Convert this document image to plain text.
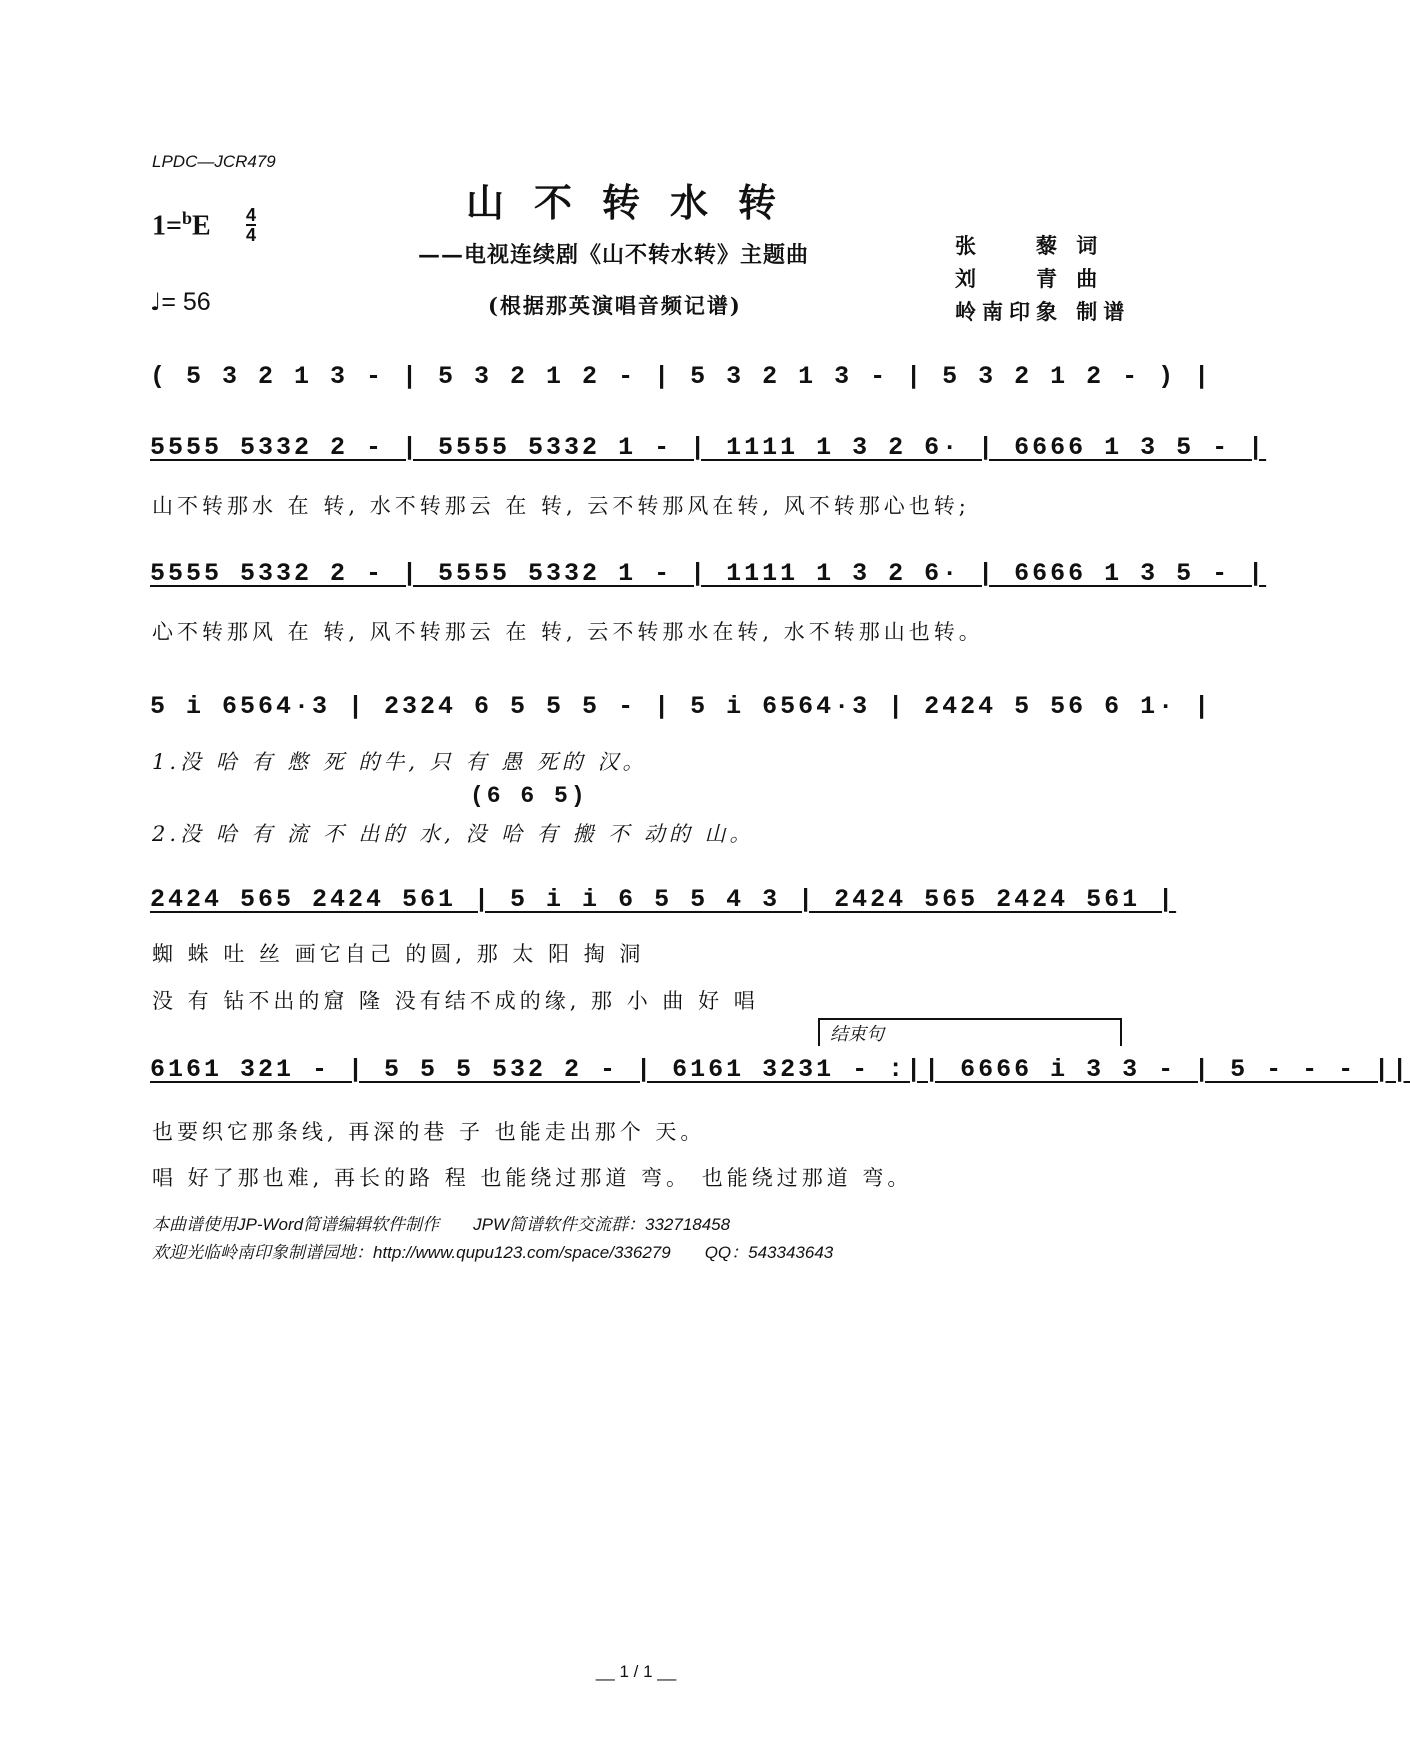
LPDC—JCR479
山不转水转
——电视连续剧《山不转水转》主题曲
(根据那英演唱音频记谱)
张　　藜 词
刘　　青 曲
岭南印象 制谱
1=$^b$E 4
4
♩= 56
( 5 3 2 1 3 - | 5 3 2 1 2 - | 5 3 2 1 3 - | 5 3 2 1 2 - ) |
5555 5332 2 - | 5555 5332 1 - | 1111 1 3 2 6· | 6666 1 3 5 - |
山不转那水 在 转, 水不转那云 在 转, 云不转那风在转, 风不转那心也转;
5555 5332 2 - | 5555 5332 1 - | 1111 1 3 2 6· | 6666 1 3 5 - |
心不转那风 在 转, 风不转那云 在 转, 云不转那水在转, 水不转那山也转。
5 i 6564·3 | 2324 6 5 5 5 - | 5 i 6564·3 | 2424 5 56 6 1· |
1.没 哈 有 憋 死 的牛, 只 有 愚 死的 汉。
(6 6 5)
2.没 哈 有 流 不 出的 水, 没 哈 有 搬 不 动的 山。
2424 565 2424 561 | 5 i i 6 5 5 4 3 | 2424 565 2424 561 |
蜘 蛛 吐 丝 画它自己 的圆, 那 太 阳 掏 洞
没 有 钻不出的窟 隆 没有结不成的缘, 那 小 曲 好 唱
结束句
6161 321 - | 5 5 5 532 2 - | 6161 3231 - :|| 6666 i 3 3 - | 5 - - - ||
也要织它那条线, 再深的巷 子 也能走出那个 天。
唱 好了那也难, 再长的路 程 也能绕过那道 弯。 也能绕过那道 弯。
本曲谱使用JP-Word简谱编辑软件制作　　JPW简谱软件交流群：332718458
欢迎光临岭南印象制谱园地：http://www.qupu123.com/space/336279　　QQ：543343643
__ 1 / 1 __
